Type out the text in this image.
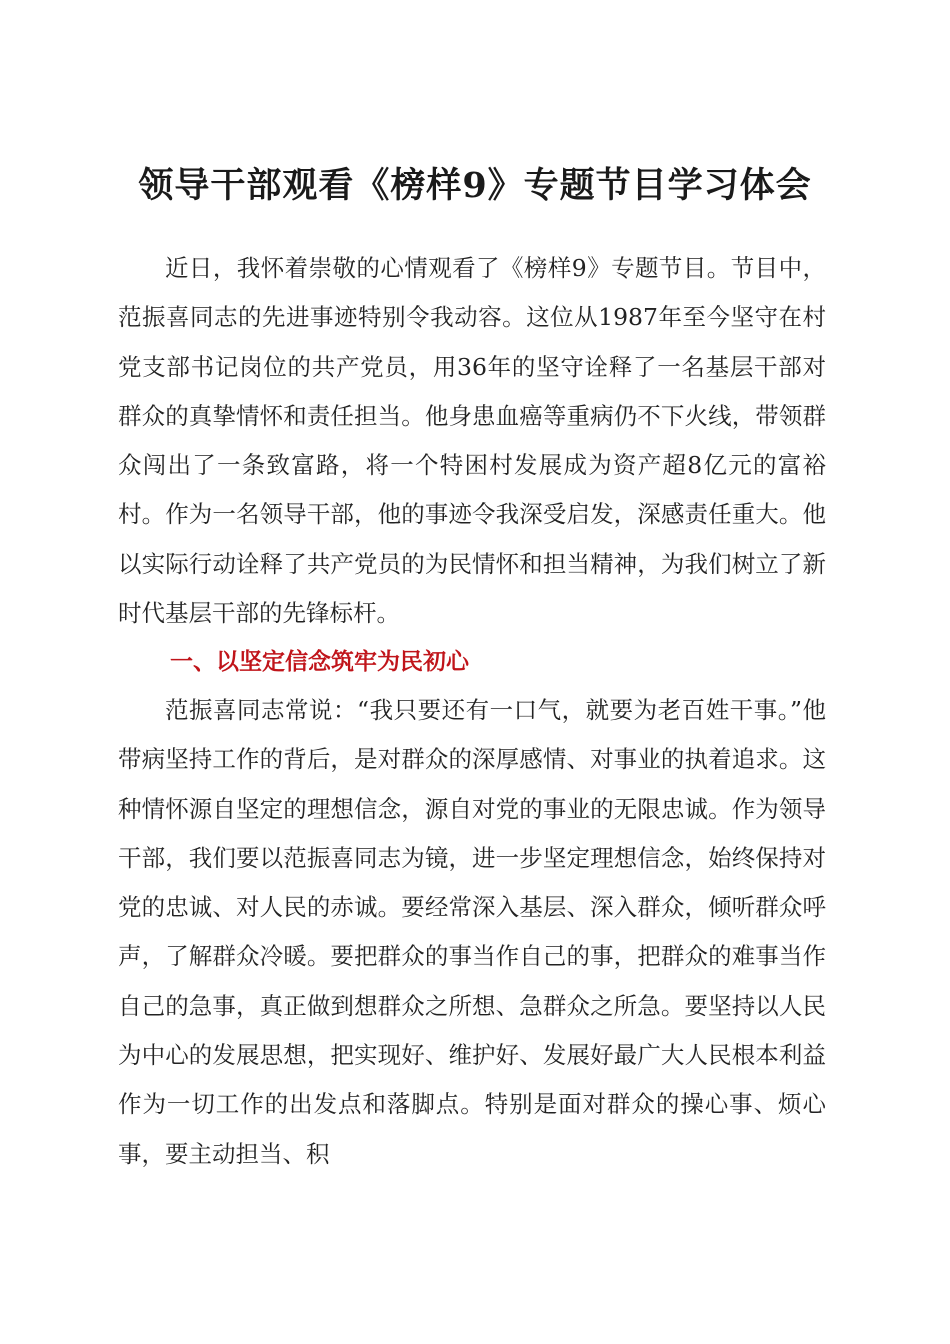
领导干部观看《榜样9》专题节目学习体会

近日，我怀着崇敬的心情观看了《榜样9》专题节目。节目中，范振喜同志的先进事迹特别令我动容。这位从1987年至今坚守在村党支部书记岗位的共产党员，用36年的坚守诠释了一名基层干部对群众的真挚情怀和责任担当。他身患血癌等重病仍不下火线，带领群众闯出了一条致富路，将一个特困村发展成为资产超8亿元的富裕村。作为一名领导干部，他的事迹令我深受启发，深感责任重大。他以实际行动诠释了共产党员的为民情怀和担当精神，为我们树立了新时代基层干部的先锋标杆。

一、以坚定信念筑牢为民初心

范振喜同志常说：“我只要还有一口气，就要为老百姓干事。”他带病坚持工作的背后，是对群众的深厚感情、对事业的执着追求。这种情怀源自坚定的理想信念，源自对党的事业的无限忠诚。作为领导干部，我们要以范振喜同志为镜，进一步坚定理想信念，始终保持对党的忠诚、对人民的赤诚。要经常深入基层、深入群众，倾听群众呼声，了解群众冷暖。要把群众的事当作自己的事，把群众的难事当作自己的急事，真正做到想群众之所想、急群众之所急。要坚持以人民为中心的发展思想，把实现好、维护好、发展好最广大人民根本利益作为一切工作的出发点和落脚点。特别是面对群众的操心事、烦心事，要主动担当、积
